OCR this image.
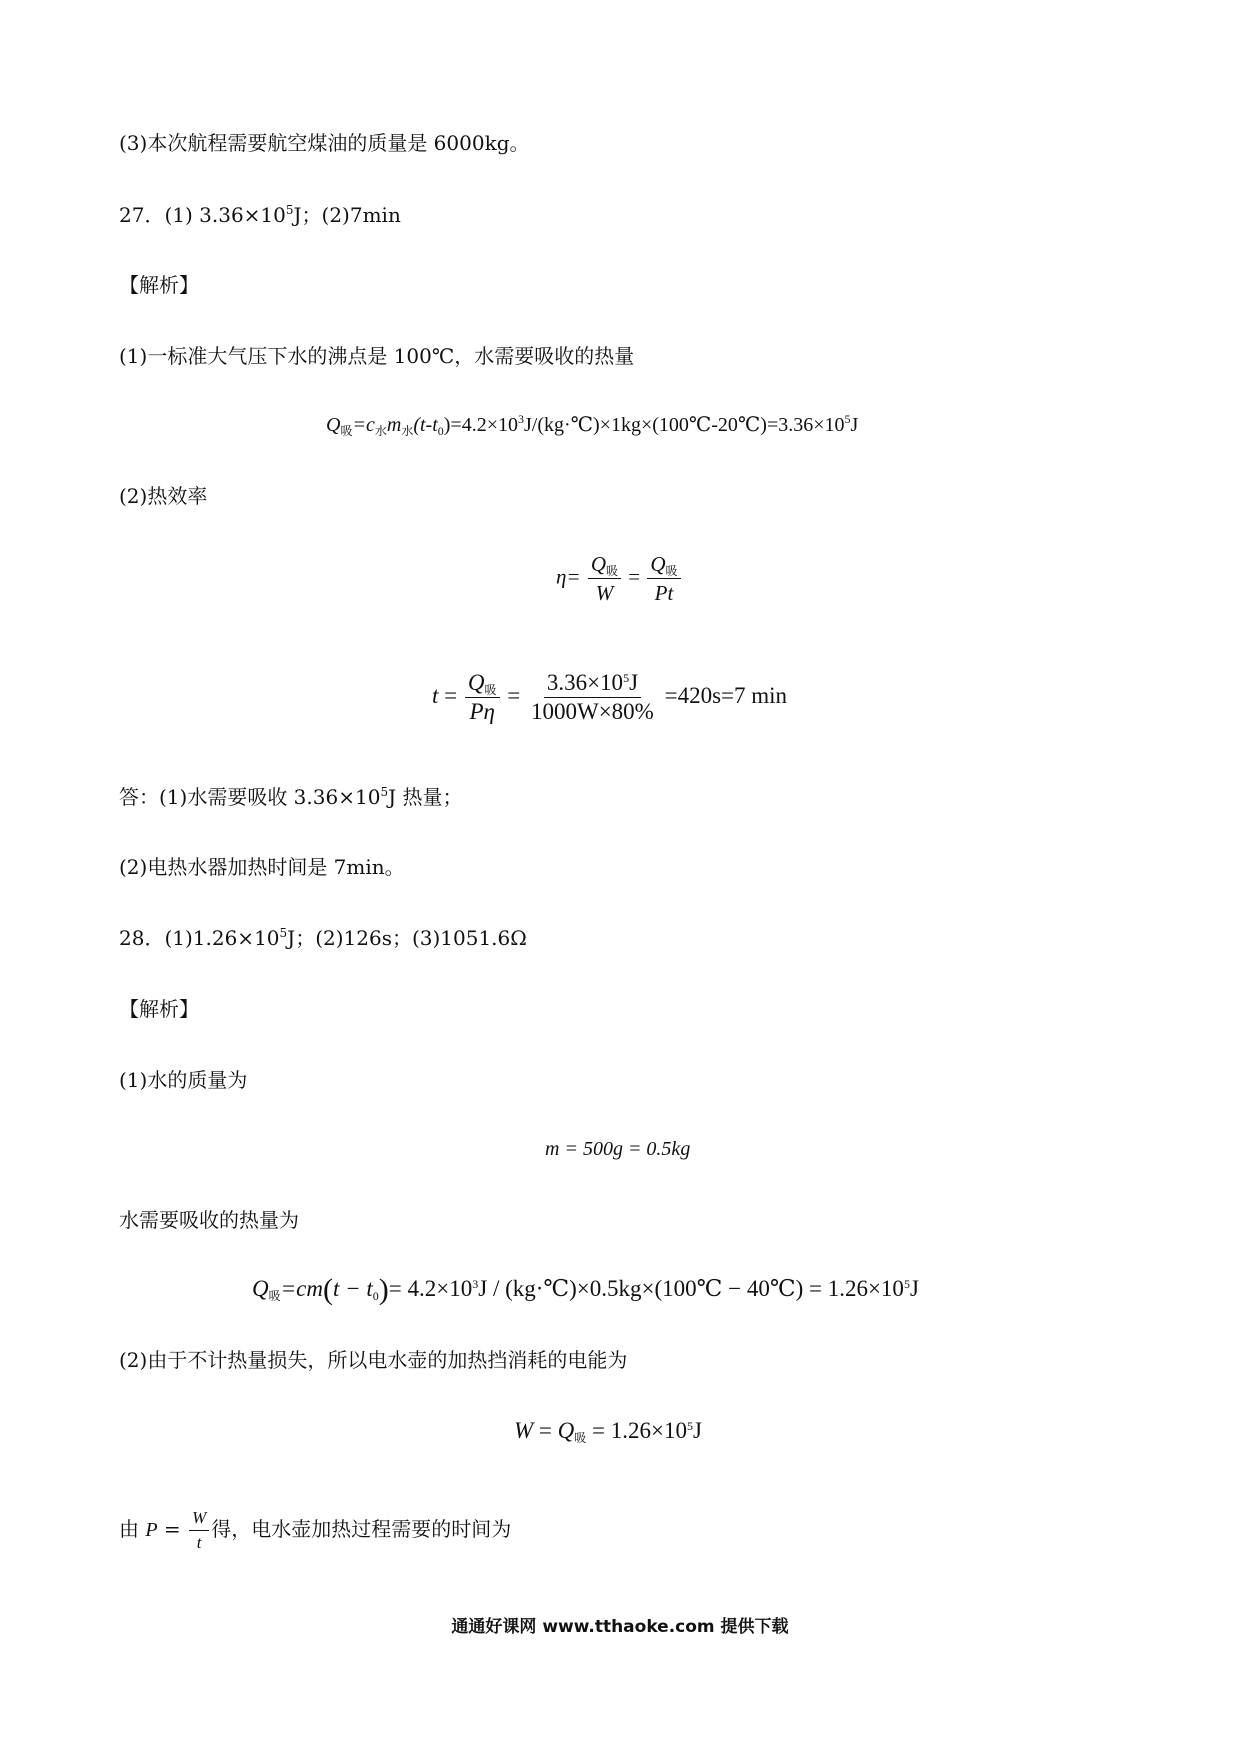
(3)本次航程需要航空煤油的质量是 6000kg。
27．(1) $3.36\times 10^5J$；(2)7min
【解析】
(1)一标准大气压下水的沸点是 100℃，水需要吸收的热量
$Q_吸=c_水m_水(t-t_0)=4.2\times 10^3J/(kg\cdot℃)\times 1kg\times(100℃-20℃)=3.36\times 10^5J$
(2)热效率
$\eta= \frac{Q_吸}{W} = \frac{Q_吸}{Pt}$
$t = \frac{Q_吸}{P\eta} = \frac{3.36\times 10^5J}{1000W\times 80\%} =420s=7$ min
答：(1)水需要吸收 $3.36\times 10^5J$ 热量；
(2)电热水器加热时间是 7min。
28．$(1)1.26\times 10^5J$；(2)126s；(3)1051.6Ω
【解析】
(1)水的质量为
m = 500g = 0.5kg
水需要吸收的热量为
$Q_吸=cm(t - t_0)= 4.2\times 10^3J$ / (kg·℃)×0.5kg×(100℃ − 40℃) = $1.26\times 10^5J$
(2)由于不计热量损失，所以电水壶的加热挡消耗的电能为
$W = Q_吸 = 1.26\times 10^5J$
由 $P = \frac{W}{t}$ 得，电水壶加热过程需要的时间为
通通好课网 www.tthaoke.com 提供下载
